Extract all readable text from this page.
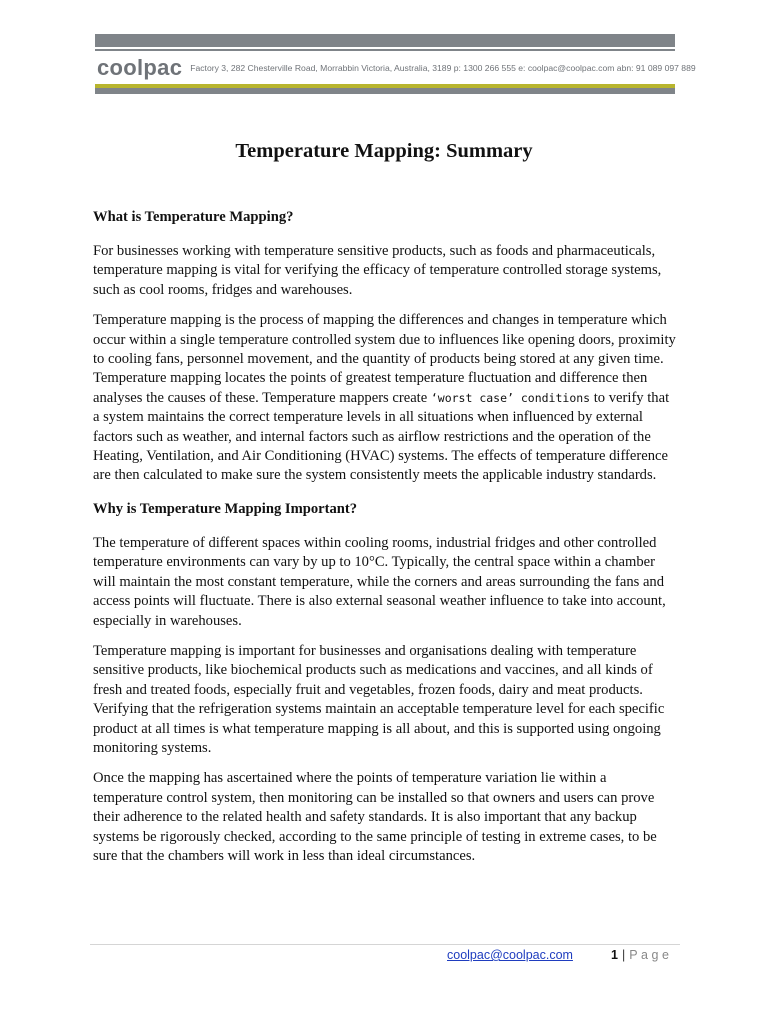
coolpac Factory 3, 282 Chesterville Road, Morrabbin Victoria, Australia, 3189 p: 1300 266 555 e: coolpac@coolpac.com abn: 91 089 097 889
Temperature Mapping: Summary
What is Temperature Mapping?

For businesses working with temperature sensitive products, such as foods and pharmaceuticals, temperature mapping is vital for verifying the efficacy of temperature controlled storage systems, such as cool rooms, fridges and warehouses.

Temperature mapping is the process of mapping the differences and changes in temperature which occur within a single temperature controlled system due to influences like opening doors, proximity to cooling fans, personnel movement, and the quantity of products being stored at any given time. Temperature mapping locates the points of greatest temperature fluctuation and difference then analyses the causes of these. Temperature mappers create ‘worst case’ conditions to verify that a system maintains the correct temperature levels in all situations when influenced by external factors such as weather, and internal factors such as airflow restrictions and the operation of the Heating, Ventilation, and Air Conditioning (HVAC) systems. The effects of temperature difference are then calculated to make sure the system consistently meets the applicable industry standards.

Why is Temperature Mapping Important?

The temperature of different spaces within cooling rooms, industrial fridges and other controlled temperature environments can vary by up to 10°C. Typically, the central space within a chamber will maintain the most constant temperature, while the corners and areas surrounding the fans and access points will fluctuate. There is also external seasonal weather influence to take into account, especially in warehouses.

Temperature mapping is important for businesses and organisations dealing with temperature sensitive products, like biochemical products such as medications and vaccines, and all kinds of fresh and treated foods, especially fruit and vegetables, frozen foods, dairy and meat products. Verifying that the refrigeration systems maintain an acceptable temperature level for each specific product at all times is what temperature mapping is all about, and this is supported using ongoing monitoring systems.

Once the mapping has ascertained where the points of temperature variation lie within a temperature control system, then monitoring can be installed so that owners and users can prove their adherence to the related health and safety standards. It is also important that any backup systems be rigorously checked, according to the same principle of testing in extreme cases, to be sure that the chambers will work in less than ideal circumstances.

coolpac@coolpac.com	1 | Page
